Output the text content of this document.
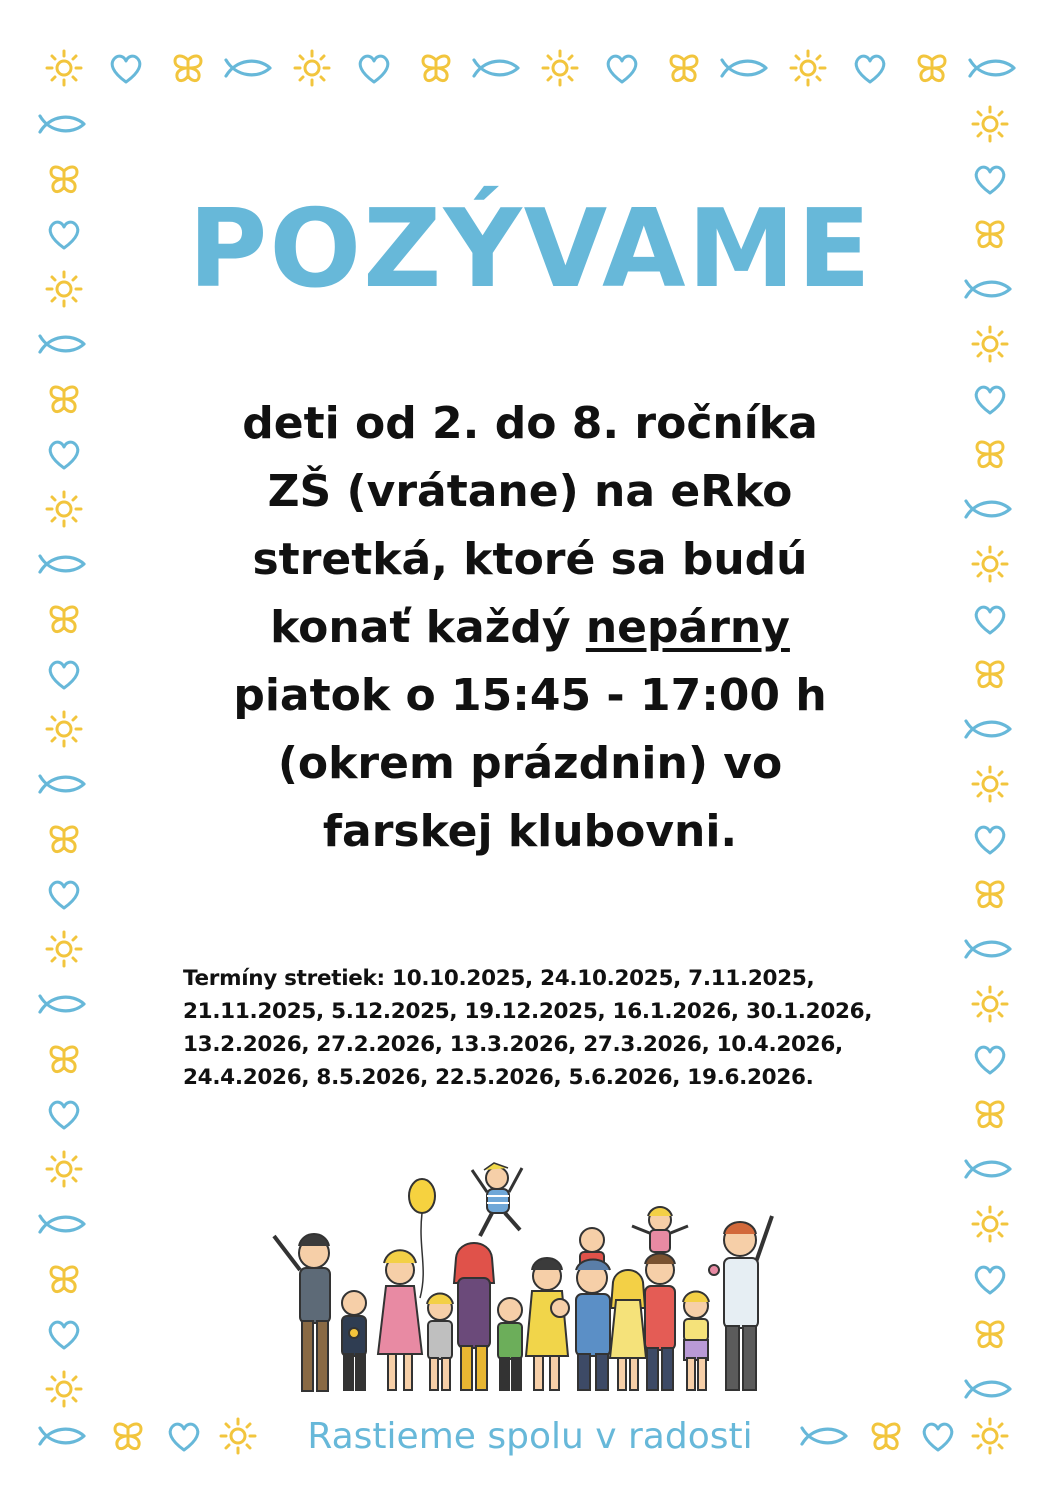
POZÝVAME
deti od 2. do 8. ročníka
ZŠ (vrátane) na eRko
stretká, ktoré sa budú
konať každý nepárny
piatok o 15:45 - 17:00 h
(okrem prázdnin) vo
farskej klubovni.
Termíny stretiek: 10.10.2025, 24.10.2025, 7.11.2025,
21.11.2025, 5.12.2025, 19.12.2025, 16.1.2026, 30.1.2026,
13.2.2026, 27.2.2026, 13.3.2026, 27.3.2026, 10.4.2026,
24.4.2026, 8.5.2026, 22.5.2026, 5.6.2026, 19.6.2026.
Rastieme spolu v radosti
